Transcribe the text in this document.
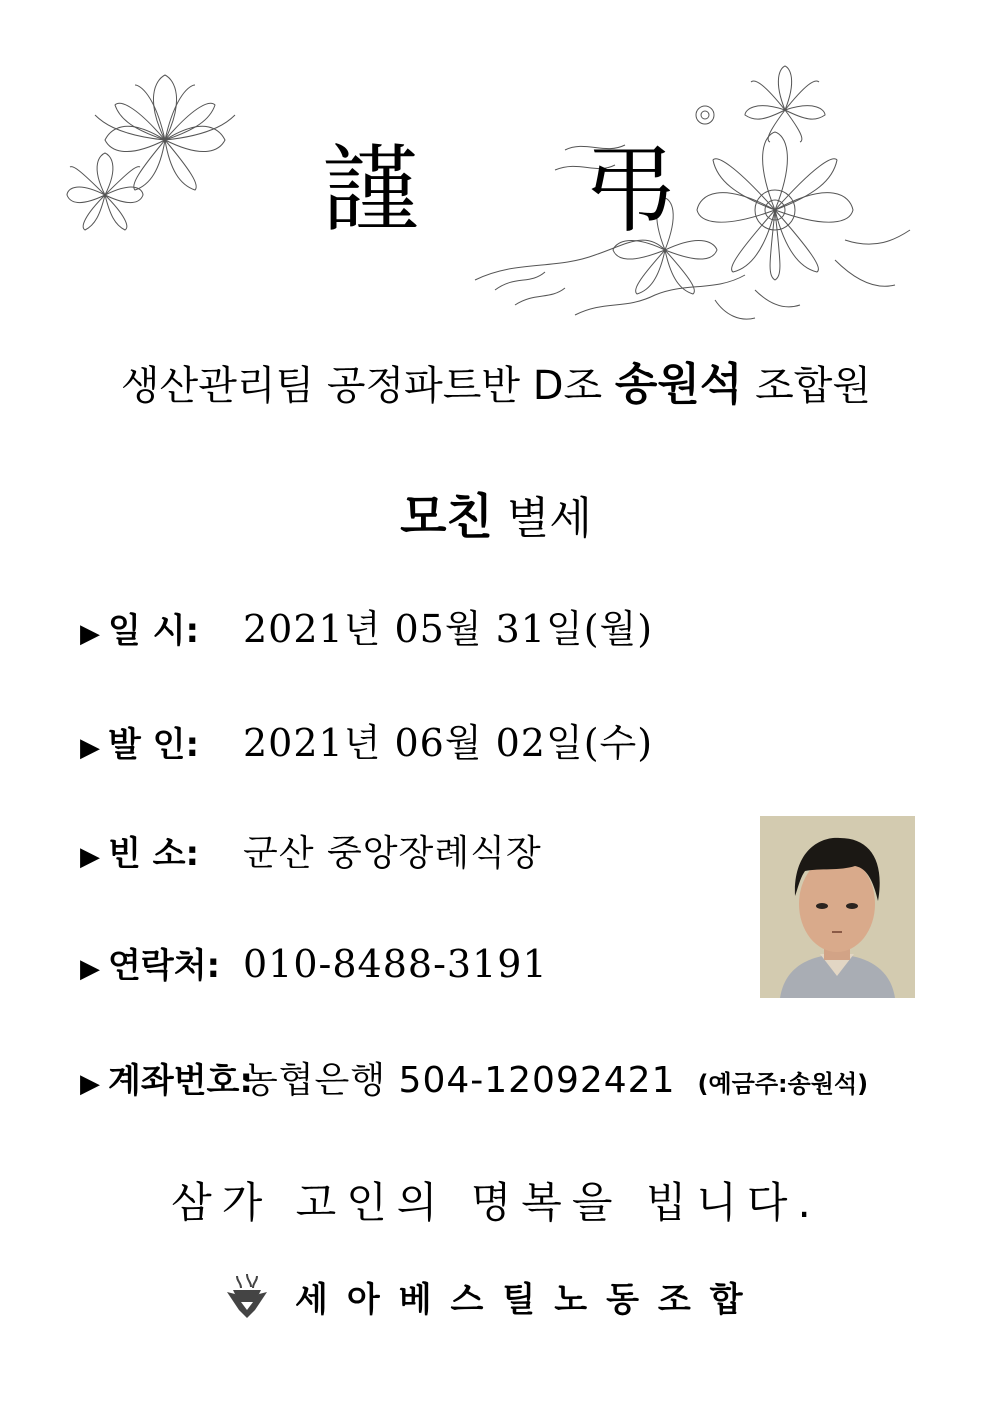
謹 弔
생산관리팀 공정파트반 D조 송원석 조합원
모친 별세
▶ 일 시:	2021년 05월 31일(월)
▶ 발 인:	2021년 06월 02일(수)
▶ 빈 소:	군산 중앙장례식장
▶ 연락처: 010-8488-3191
▶ 계좌번호:
농협은행 504-12092421 (예금주:송원석)
삼가 고인의 명복을 빕니다.
세아베스틸노동조합
